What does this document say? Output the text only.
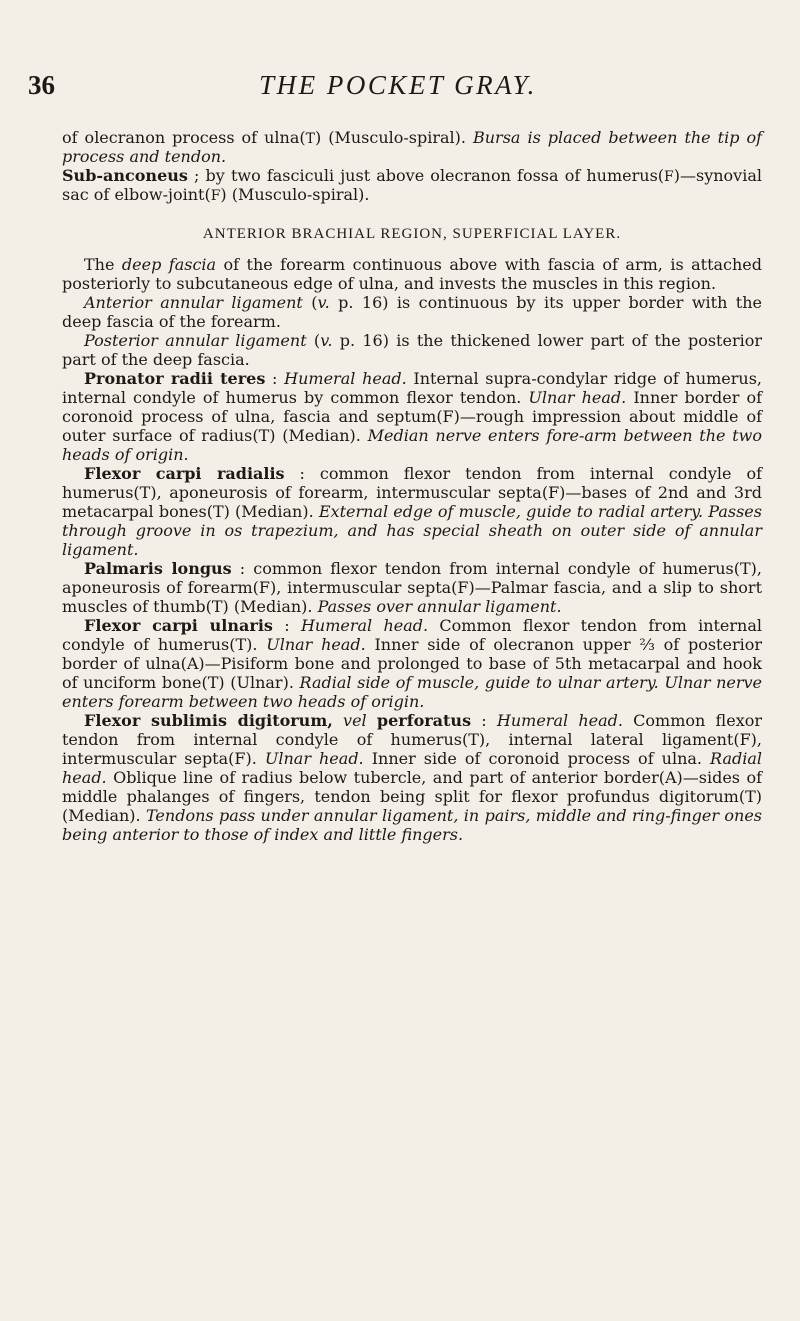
36	THE POCKET GRAY.

of olecranon process of ulna(T) (Musculo-spiral). Bursa is placed between the tip of process and tendon.

Sub-anconeus ; by two fasciculi just above olecranon fossa of humerus(F)—synovial sac of elbow-joint(F) (Musculo-spiral).

ANTERIOR BRACHIAL REGION, SUPERFICIAL LAYER.

The deep fascia of the forearm continuous above with fascia of arm, is attached posteriorly to subcutaneous edge of ulna, and invests the muscles in this region.

Anterior annular ligament (v. p. 16) is continuous by its upper border with the deep fascia of the forearm.

Posterior annular ligament (v. p. 16) is the thickened lower part of the posterior part of the deep fascia.

Pronator radii teres : Humeral head. Internal supra-condylar ridge of humerus, internal condyle of humerus by common flexor tendon. Ulnar head. Inner border of coronoid process of ulna, fascia and septum(F)—rough impression about middle of outer surface of radius(T) (Median). Median nerve enters fore-arm between the two heads of origin.

Flexor carpi radialis : common flexor tendon from internal condyle of humerus(T), aponeurosis of forearm, intermuscular septa(F)—bases of 2nd and 3rd metacarpal bones(T) (Median). External edge of muscle, guide to radial artery. Passes through groove in os trapezium, and has special sheath on outer side of annular ligament.

Palmaris longus : common flexor tendon from internal condyle of humerus(T), aponeurosis of forearm(F), intermuscular septa(F)—Palmar fascia, and a slip to short muscles of thumb(T) (Median). Passes over annular ligament.

Flexor carpi ulnaris : Humeral head. Common flexor tendon from internal condyle of humerus(T). Ulnar head. Inner side of olecranon upper ⅔ of posterior border of ulna(A)—Pisiform bone and prolonged to base of 5th metacarpal and hook of unciform bone(T) (Ulnar). Radial side of muscle, guide to ulnar artery. Ulnar nerve enters forearm between two heads of origin.

Flexor sublimis digitorum, vel perforatus : Humeral head. Common flexor tendon from internal condyle of humerus(T), internal lateral ligament(F), intermuscular septa(F). Ulnar head. Inner side of coronoid process of ulna. Radial head. Oblique line of radius below tubercle, and part of anterior border(A)—sides of middle phalanges of fingers, tendon being split for flexor profundus digitorum(T) (Median). Tendons pass under annular ligament, in pairs, middle and ring-finger ones being anterior to those of index and little fingers.
